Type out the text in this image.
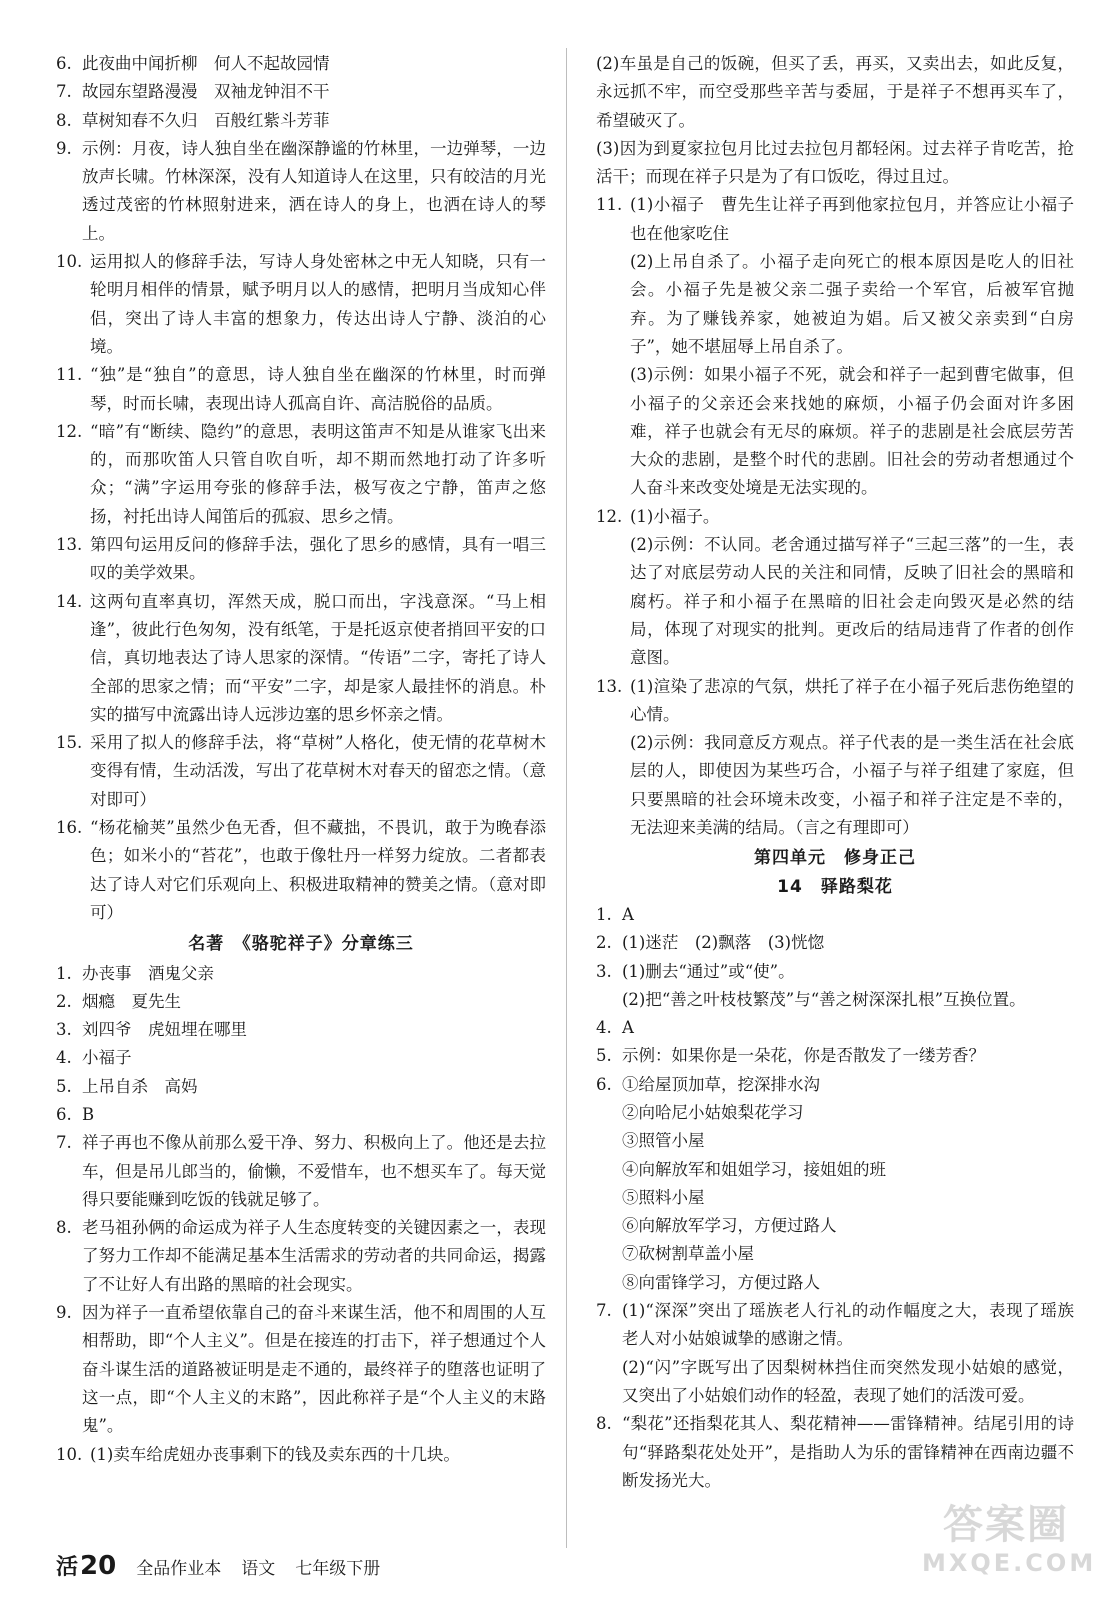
6. 此夜曲中闻折柳　何人不起故园情

7. 故园东望路漫漫　双袖龙钟泪不干

8. 草树知春不久归　百般红紫斗芳菲

9. 示例：月夜，诗人独自坐在幽深静谧的竹林里，一边弹琴，一边放声长啸。竹林深深，没有人知道诗人在这里，只有皎洁的月光透过茂密的竹林照射进来，洒在诗人的身上，也洒在诗人的琴上。

10. 运用拟人的修辞手法，写诗人身处密林之中无人知晓，只有一轮明月相伴的情景，赋予明月以人的感情，把明月当成知心伴侣，突出了诗人丰富的想象力，传达出诗人宁静、淡泊的心境。

11. “独”是“独自”的意思，诗人独自坐在幽深的竹林里，时而弹琴，时而长啸，表现出诗人孤高自许、高洁脱俗的品质。

12. “暗”有“断续、隐约”的意思，表明这笛声不知是从谁家飞出来的，而那吹笛人只管自吹自听，却不期而然地打动了许多听众；“满”字运用夸张的修辞手法，极写夜之宁静，笛声之悠扬，衬托出诗人闻笛后的孤寂、思乡之情。

13. 第四句运用反问的修辞手法，强化了思乡的感情，具有一唱三叹的美学效果。

14. 这两句直率真切，浑然天成，脱口而出，字浅意深。“马上相逢”，彼此行色匆匆，没有纸笔，于是托返京使者捎回平安的口信，真切地表达了诗人思家的深情。“传语”二字，寄托了诗人全部的思家之情；而“平安”二字，却是家人最挂怀的消息。朴实的描写中流露出诗人远涉边塞的思乡怀亲之情。

15. 采用了拟人的修辞手法，将“草树”人格化，使无情的花草树木变得有情，生动活泼，写出了花草树木对春天的留恋之情。（意对即可）

16. “杨花榆荚”虽然少色无香，但不藏拙，不畏讥，敢于为晚春添色；如米小的“苔花”，也敢于像牡丹一样努力绽放。二者都表达了诗人对它们乐观向上、积极进取精神的赞美之情。（意对即可）

名著　《骆驼祥子》分章练三
1. 办丧事　酒鬼父亲

2. 烟瘾　夏先生

3. 刘四爷　虎妞埋在哪里

4. 小福子

5. 上吊自杀　高妈

6. B

7. 祥子再也不像从前那么爱干净、努力、积极向上了。他还是去拉车，但是吊儿郎当的，偷懒，不爱惜车，也不想买车了。每天觉得只要能赚到吃饭的钱就足够了。

8. 老马祖孙俩的命运成为祥子人生态度转变的关键因素之一，表现了努力工作却不能满足基本生活需求的劳动者的共同命运，揭露了不让好人有出路的黑暗的社会现实。

9. 因为祥子一直希望依靠自己的奋斗来谋生活，他不和周围的人互相帮助，即“个人主义”。但是在接连的打击下，祥子想通过个人奋斗谋生活的道路被证明是走不通的，最终祥子的堕落也证明了这一点，即“个人主义的末路”，因此称祥子是“个人主义的末路鬼”。

10. (1)卖车给虎妞办丧事剩下的钱及卖东西的十几块。

(2)车虽是自己的饭碗，但买了丢，再买，又卖出去，如此反复，永远抓不牢，而空受那些辛苦与委屈，于是祥子不想再买车了，希望破灭了。

(3)因为到夏家拉包月比过去拉包月都轻闲。过去祥子肯吃苦，抢活干；而现在祥子只是为了有口饭吃，得过且过。

11. (1)小福子　曹先生让祥子再到他家拉包月，并答应让小福子也在他家吃住

(2)上吊自杀了。小福子走向死亡的根本原因是吃人的旧社会。小福子先是被父亲二强子卖给一个军官，后被军官抛弃。为了赚钱养家，她被迫为娼。后又被父亲卖到“白房子”，她不堪屈辱上吊自杀了。

(3)示例：如果小福子不死，就会和祥子一起到曹宅做事，但小福子的父亲还会来找她的麻烦，小福子仍会面对许多困难，祥子也就会有无尽的麻烦。祥子的悲剧是社会底层劳苦大众的悲剧，是整个时代的悲剧。旧社会的劳动者想通过个人奋斗来改变处境是无法实现的。

12. (1)小福子。

(2)示例：不认同。老舍通过描写祥子“三起三落”的一生，表达了对底层劳动人民的关注和同情，反映了旧社会的黑暗和腐朽。祥子和小福子在黑暗的旧社会走向毁灭是必然的结局，体现了对现实的批判。更改后的结局违背了作者的创作意图。

13. (1)渲染了悲凉的气氛，烘托了祥子在小福子死后悲伤绝望的心情。

(2)示例：我同意反方观点。祥子代表的是一类生活在社会底层的人，即使因为某些巧合，小福子与祥子组建了家庭，但只要黑暗的社会环境未改变，小福子和祥子注定是不幸的，无法迎来美满的结局。（言之有理即可）

第四单元　修身正己
14　驿路梨花
1. A

2. (1)迷茫　(2)飘落　(3)恍惚

3. (1)删去“通过”或“使”。

(2)把“善之叶枝枝繁茂”与“善之树深深扎根”互换位置。

4. A

5. 示例：如果你是一朵花，你是否散发了一缕芳香？

6. ①给屋顶加草，挖深排水沟

②向哈尼小姑娘梨花学习

③照管小屋

④向解放军和姐姐学习，接姐姐的班

⑤照料小屋

⑥向解放军学习，方便过路人

⑦砍树割草盖小屋

⑧向雷锋学习，方便过路人

7. (1)“深深”突出了瑶族老人行礼的动作幅度之大，表现了瑶族老人对小姑娘诚挚的感谢之情。

(2)“闪”字既写出了因梨树林挡住而突然发现小姑娘的感觉，又突出了小姑娘们动作的轻盈，表现了她们的活泼可爱。

8. “梨花”还指梨花其人、梨花精神——雷锋精神。结尾引用的诗句“驿路梨花处处开”，是指助人为乐的雷锋精神在西南边疆不断发扬光大。

活 20 全品作业本 语文 七年级下册
答案圈
MXQE.COM
